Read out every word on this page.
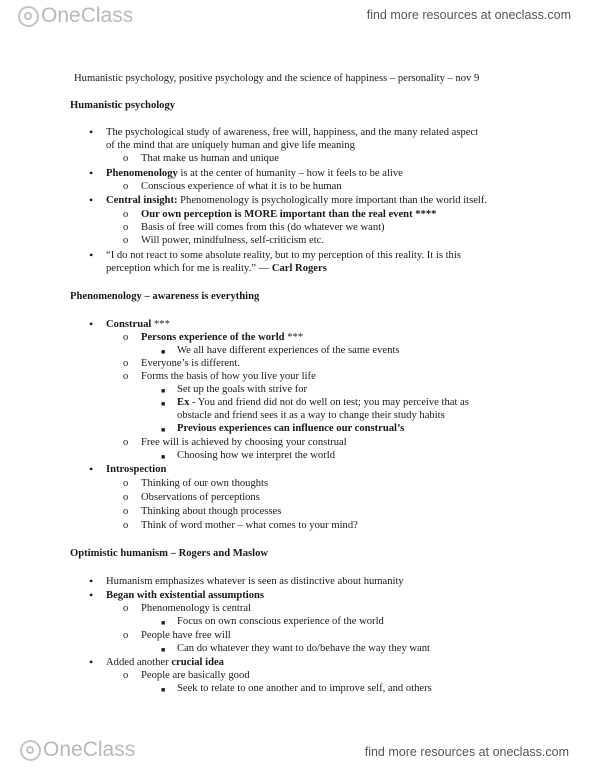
OneClass	find more resources at oneclass.com
Humanistic psychology, positive psychology and the science of happiness – personality – nov 9
Humanistic psychology
• The psychological study of awareness, free will, happiness, and the many related aspect
of the mind that are uniquely human and give life meaning
o That make us human and unique
• Phenomenology is at the center of humanity – how it feels to be alive
o Conscious experience of what it is to be human
• Central insight: Phenomenology is psychologically more important than the world itself.
o Our own perception is MORE important than the real event ****
o Basis of free will comes from this (do whatever we want)
o Will power, mindfulness, self-criticism etc.
• “I do not react to some absolute reality, but to my perception of this reality. It is this
perception which for me is reality.” — Carl Rogers
Phenomenology – awareness is everything
• Construal ***
o Persons experience of the world ***
■ We all have different experiences of the same events
o Everyone’s is different.
o Forms the basis of how you live your life
■ Set up the goals with strive for
■ Ex - You and friend did not do well on test; you may perceive that as
obstacle and friend sees it as a way to change their study habits
■ Previous experiences can influence our construal’s
o Free will is achieved by choosing your construal
■ Choosing how we interpret the world
• Introspection
o Thinking of our own thoughts
o Observations of perceptions
o Thinking about though processes
o Think of word mother – what comes to your mind?
Optimistic humanism – Rogers and Maslow
• Humanism emphasizes whatever is seen as distinctive about humanity
• Began with existential assumptions
o Phenomenology is central
■ Focus on own conscious experience of the world
o People have free will
■ Can do whatever they want to do/behave the way they want
• Added another crucial idea
o People are basically good
■ Seek to relate to one another and to improve self, and others
OneClass	find more resources at oneclass.com
